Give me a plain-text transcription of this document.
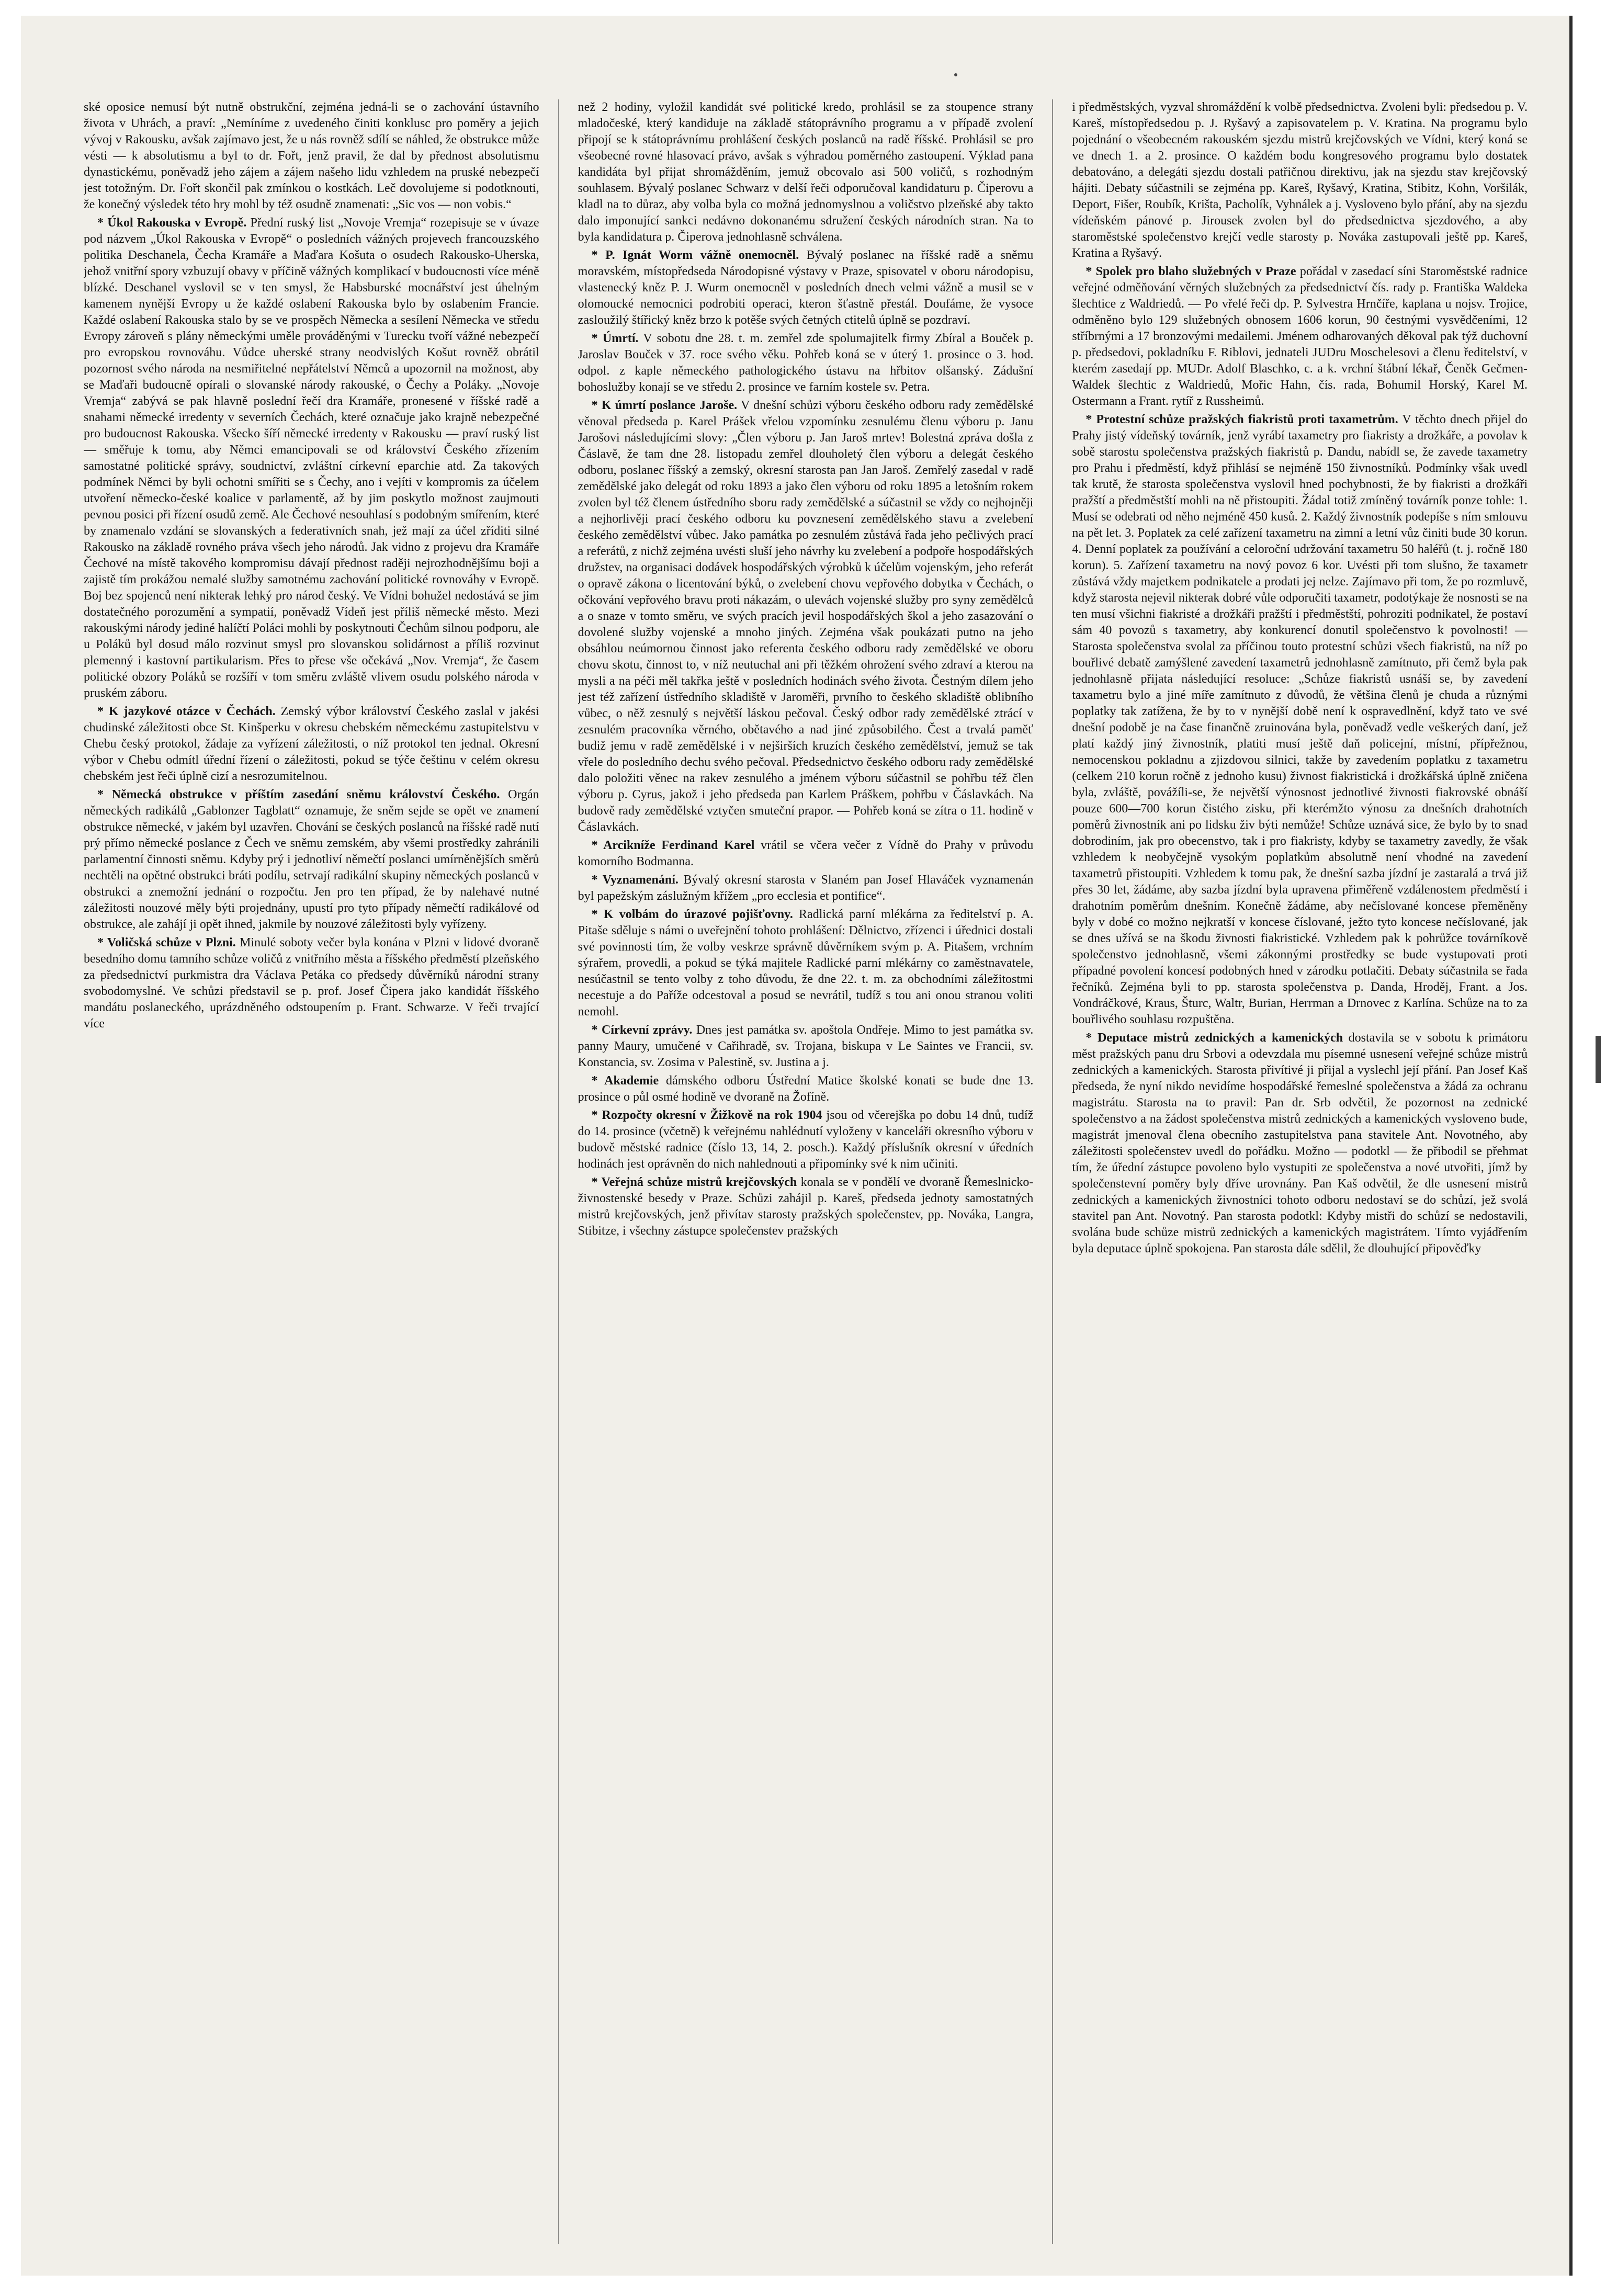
ské oposice nemusí být nutně obstrukční, zejména jedná-li se o zachování ústavního života v Uhrách, a praví: „Nemíníme z uvedeného činiti konklusc pro poměry a jejich vývoj v Rakousku, avšak zajímavo jest, že u nás rovněž sdílí se náhled, že obstrukce může vésti — k absolutismu a byl to dr. Fořt, jenž pravil, že dal by přednost absolutismu dynastickému, poněvadž jeho zájem a zájem našeho lidu vzhledem na pruské nebezpečí jest totožným. Dr. Fořt skončil pak zmínkou o kostkách. Leč dovolujeme si podotknouti, že konečný výsledek této hry mohl by též osudně znamenati: „Sic vos — non vobis.“

* Úkol Rakouska v Evropě. Přední ruský list „Novoje Vremja“ rozepisuje se v úvaze pod názvem „Úkol Rakouska v Evropě“ o posledních vážných projevech francouzského politika Deschanela, Čecha Kramáře a Maďara Košuta o osudech Rakousko-Uherska, jehož vnitřní spory vzbuzují obavy v příčině vážných komplikací v budoucnosti více méně blízké. Deschanel vyslovil se v ten smysl, že Habsburské mocnářství jest úhelným kamenem nynější Evropy u že každé oslabení Rakouska bylo by oslabením Francie. Každé oslabení Rakouska stalo by se ve prospěch Německa a sesílení Německa ve středu Evropy zároveň s plány německými uměle prováděnými v Turecku tvoří vážné nebezpečí pro evropskou rovnováhu. Vůdce uherské strany neodvislých Košut rovněž obrátil pozornost svého národa na nesmiřitelné nepřátelství Němců a upozornil na možnost, aby se Maďaři budoucně opírali o slovanské národy rakouské, o Čechy a Poláky. „Novoje Vremja“ zabývá se pak hlavně poslední řečí dra Kramáře, pronesené v říšské radě a snahami německé irredenty v severních Čechách, které označuje jako krajně nebezpečné pro budoucnost Rakouska. Všecko šíří německé irredenty v Rakousku — praví ruský list — směřuje k tomu, aby Němci emancipovali se od království Českého zřízením samostatné politické správy, soudnictví, zvláštní církevní eparchie atd. Za takových podmínek Němci by byli ochotni smířiti se s Čechy, ano i vejíti v kompromis za účelem utvoření německo-české koalice v parlamentě, až by jim poskytlo možnost zaujmouti pevnou posici při řízení osudů země. Ale Čechové nesouhlasí s podobným smířením, které by znamenalo vzdání se slovanských a federativních snah, jež mají za účel zříditi silné Rakousko na základě rovného práva všech jeho národů. Jak vidno z projevu dra Kramáře Čechové na místě takového kompromisu dávají přednost raději nejrozhodnějšímu boji a zajistě tím prokážou nemalé služby samotnému zachování politické rovnováhy v Evropě. Boj bez spojenců není nikterak lehký pro národ český. Ve Vídni bohužel nedostává se jim dostatečného porozumění a sympatií, poněvadž Vídeň jest příliš německé město. Mezi rakouskými národy jediné halíčtí Poláci mohli by poskytnouti Čechům silnou podporu, ale u Poláků byl dosud málo rozvinut smysl pro slovanskou solidárnost a příliš rozvinut plemenný i kastovní partikularism. Přes to přese vše očekává „Nov. Vremja“, že časem politické obzory Poláků se rozšíří v tom směru zvláště vlivem osudu polského národa v pruském záboru.

* K jazykové otázce v Čechách. Zemský výbor království Českého zaslal v jakési chudinské záležitosti obce St. Kinšperku v okresu chebském německému zastupitelstvu v Chebu český protokol, žádaje za vyřízení záležitosti, o níž protokol ten jednal. Okresní výbor v Chebu odmítl úřední řízení o záležitosti, pokud se týče češtinu v celém okresu chebském jest řeči úplně cizí a nesrozumitelnou.

* Německá obstrukce v příštím zasedání sněmu království Českého. Orgán německých radikálů „Gablonzer Tagblatt“ oznamuje, že sněm sejde se opět ve znamení obstrukce německé, v jakém byl uzavřen. Chování se českých poslanců na říšské radě nutí prý přímo německé poslance z Čech ve sněmu zemském, aby všemi prostředky zahránili parlamentní činnosti sněmu. Kdyby prý i jednotliví němečtí poslanci umírněnějších směrů nechtěli na opětné obstrukci bráti podílu, setrvají radikální skupiny německých poslanců v obstrukci a znemožní jednání o rozpočtu. Jen pro ten případ, že by nalehavé nutné záležitosti nouzové měly býti projednány, upustí pro tyto případy němečtí radikálové od obstrukce, ale zahájí ji opět ihned, jakmile by nouzové záležitosti byly vyřízeny.

* Voličská schůze v Plzni. Minulé soboty večer byla konána v Plzni v lidové dvoraně besedního domu tamního schůze voličů z vnitřního města a říšského předměstí plzeňského za předsednictví purkmistra dra Václava Petáka co předsedy důvěrníků národní strany svobodomyslné. Ve schůzi představil se p. prof. Josef Čipera jako kandidát říšského mandátu poslaneckého, uprázdněného odstoupením p. Frant. Schwarze. V řeči trvající více

než 2 hodiny, vyložil kandidát své politické kredo, prohlásil se za stoupence strany mladočeské, který kandiduje na základě státoprávního programu a v případě zvolení připojí se k státoprávnímu prohlášení českých poslanců na radě říšské. Prohlásil se pro všeobecné rovné hlasovací právo, avšak s výhradou poměrného zastoupení. Výklad pana kandidáta byl přijat shromážděním, jemuž obcovalo asi 500 voličů, s rozhodným souhlasem. Bývalý poslanec Schwarz v delší řeči odporučoval kandidaturu p. Čiperovu a kladl na to důraz, aby volba byla co možná jednomyslnou a voličstvo plzeňské aby takto dalo imponující sankci nedávno dokonanému sdružení českých národních stran. Na to byla kandidatura p. Čiperova jednohlasně schválena.

* P. Ignát Worm vážně onemocněl. Bývalý poslanec na říšské radě a sněmu moravském, místopředseda Národopisné výstavy v Praze, spisovatel v oboru národopisu, vlastenecký kněz P. J. Wurm onemocněl v posledních dnech velmi vážně a musil se v olomoucké nemocnici podrobiti operaci, kteron šťastně přestál. Doufáme, že vysoce zasloužilý štířický kněz brzo k potěše svých četných ctitelů úplně se pozdraví.

* Úmrtí. V sobotu dne 28. t. m. zemřel zde spolumajitelk firmy Zbíral a Bouček p. Jaroslav Bouček v 37. roce svého věku. Pohřeb koná se v úterý 1. prosince o 3. hod. odpol. z kaple německého pathologického ústavu na hřbitov olšanský. Zádušní bohoslužby konají se ve středu 2. prosince ve farním kostele sv. Petra.

* K úmrtí poslance Jaroše. V dnešní schůzi výboru českého odboru rady zemědělské věnoval předseda p. Karel Prášek vřelou vzpomínku zesnulému členu výboru p. Janu Jarošovi následujícími slovy: „Člen výboru p. Jan Jaroš mrtev! Bolestná zpráva došla z Čáslavě, že tam dne 28. listopadu zemřel dlouholetý člen výboru a delegát českého odboru, poslanec říšský a zemský, okresní starosta pan Jan Jaroš. Zemřelý zasedal v radě zemědělské jako delegát od roku 1893 a jako člen výboru od roku 1895 a letošním rokem zvolen byl též členem ústředního sboru rady zemědělské a súčastnil se vždy co nejhojněji a nejhorlivěji prací českého odboru ku povznesení zemědělského stavu a zvelebení českého zemědělství vůbec. Jako památka po zesnulém zůstává řada jeho pečlivých prací a referátů, z nichž zejména uvésti sluší jeho návrhy ku zvelebení a podpoře hospodářských družstev, na organisaci dodávek hospodářských výrobků k účelům vojenským, jeho referát o opravě zákona o licentování býků, o zvelebení chovu vepřového dobytka v Čechách, o očkování vepřového bravu proti nákazám, o ulevách vojenské služby pro syny zemědělců a o snaze v tomto směru, ve svých pracích jevil hospodářských škol a jeho zasazování o dovolené služby vojenské a mnoho jiných. Zejména však poukázati putno na jeho obsáhlou neúmornou činnost jako referenta českého odboru rady zemědělské ve oboru chovu skotu, činnost to, v níž neutuchal ani při těžkém ohrožení svého zdraví a kterou na mysli a na péči měl takřka ještě v posledních hodinách svého života. Čestným dílem jeho jest též zařízení ústředního skladiště v Jaroměři, prvního to českého skladiště oblibního vůbec, o něž zesnulý s největší láskou pečoval. Český odbor rady zemědělské ztrácí v zesnulém pracovníka věrného, obětavého a nad jiné způsobilého. Čest a trvalá paměť budiž jemu v radě zemědělské i v nejširších kruzích českého zemědělství, jemuž se tak vřele do posledního dechu svého pečoval. Předsednictvo českého odboru rady zemědělské dalo položiti věnec na rakev zesnulého a jménem výboru súčastnil se pohřbu též člen výboru p. Cyrus, jakož i jeho předseda pan Karlem Práškem, pohřbu v Čáslavkách. Na budově rady zemědělské vztyčen smuteční prapor. — Pohřeb koná se zítra o 11. hodině v Čáslavkách.

* Arcikníže Ferdinand Karel vrátil se včera večer z Vídně do Prahy v průvodu komorního Bodmanna.

* Vyznamenání. Bývalý okresní starosta v Slaném pan Josef Hlaváček vyznamenán byl papežským záslužným křížem „pro ecclesia et pontifice“.

* K volbám do úrazové pojišťovny. Radlická parní mlékárna za ředitelství p. A. Pitaše sděluje s námi o uveřejnění tohoto prohlášení: Dělnictvo, zřízenci i úřednici dostali své povinnosti tím, že volby veskrze správně důvěrníkem svým p. A. Pitašem, vrchním sýrařem, provedli, a pokud se týká majitele Radlické parní mlékárny co zaměstnavatele, nesúčastnil se tento volby z toho důvodu, že dne 22. t. m. za obchodními záležitostmi necestuje a do Paříže odcestoval a posud se nevrátil, tudíž s tou ani onou stranou voliti nemohl.

* Církevní zprávy. Dnes jest památka sv. apoštola Ondřeje. Mimo to jest památka sv. panny Maury, umučené v Cařihradě, sv. Trojana, biskupa v Le Saintes ve Francii, sv. Konstancia, sv. Zosima v Palestině, sv. Justina a j.

* Akademie dámského odboru Ústřední Matice školské konati se bude dne 13. prosince o půl osmé hodině ve dvoraně na Žofíně.

* Rozpočty okresní v Žižkově na rok 1904 jsou od včerejška po dobu 14 dnů, tudíž do 14. prosince (včetně) k veřejnému nahlédnutí vyloženy v kanceláři okresního výboru v budově městské radnice (číslo 13, 14, 2. posch.). Každý příslušník okresní v úředních hodinách jest oprávněn do nich nahlednouti a připomínky své k nim učiniti.

* Veřejná schůze mistrů krejčovských konala se v pondělí ve dvoraně Řemeslnicko-živnostenské besedy v Praze. Schůzi zahájil p. Kareš, předseda jednoty samostatných mistrů krejčovských, jenž přivítav starosty pražských společenstev, pp. Nováka, Langra, Stibitze, i všechny zástupce společenstev pražských

i předměstských, vyzval shromáždění k volbě předsednictva. Zvoleni byli: předsedou p. V. Kareš, místopředsedou p. J. Ryšavý a zapisovatelem p. V. Kratina. Na programu bylo pojednání o všeobecném rakouském sjezdu mistrů krejčovských ve Vídni, který koná se ve dnech 1. a 2. prosince. O každém bodu kongresového programu bylo dostatek debatováno, a delegáti sjezdu dostali patřičnou direktivu, jak na sjezdu stav krejčovský hájiti. Debaty súčastnili se zejména pp. Kareš, Ryšavý, Kratina, Stibitz, Kohn, Voršilák, Deport, Fišer, Roubík, Krišta, Pacholík, Vyhnálek a j. Vysloveno bylo přání, aby na sjezdu vídeňském pánové p. Jirousek zvolen byl do předsednictva sjezdového, a aby staroměstské společenstvo krejčí vedle starosty p. Nováka zastupovali ještě pp. Kareš, Kratina a Ryšavý.

* Spolek pro blaho služebných v Praze pořádal v zasedací síni Staroměstské radnice veřejné odměňování věrných služebných za předsednictví čís. rady p. Františka Waldeka šlechtice z Waldriedů. — Po vřelé řeči dp. P. Sylvestra Hrnčíře, kaplana u nojsv. Trojice, odměněno bylo 129 služebných obnosem 1606 korun, 90 čestnými vysvědčeními, 12 stříbrnými a 17 bronzovými medailemi. Jménem odharovaných děkoval pak týž duchovní p. předsedovi, pokladníku F. Riblovi, jednateli JUDru Moschelesovi a členu ředitelství, v kterém zasedají pp. MUDr. Adolf Blaschko, c. a k. vrchní štábní lékař, Čeněk Gečmen-Waldek šlechtic z Waldriedů, Mořic Hahn, čís. rada, Bohumil Horský, Karel M. Ostermann a Frant. rytíř z Russheimů.

* Protestní schůze pražských fiakristů proti taxametrům. V těchto dnech přijel do Prahy jistý vídeňský továrník, jenž vyrábí taxametry pro fiakristy a drožkáře, a povolav k sobě starostu společenstva pražských fiakristů p. Dandu, nabídl se, že zavede taxametry pro Prahu i předměstí, když přihlásí se nejméně 150 živnostníků. Podmínky však uvedl tak krutě, že starosta společenstva vyslovil hned pochybnosti, že by fiakristi a drožkáři pražští a předměstští mohli na ně přistoupiti. Žádal totiž zmíněný továrník ponze tohle: 1. Musí se odebrati od něho nejméně 450 kusů. 2. Každý živnostník podepíše s ním smlouvu na pět let. 3. Poplatek za celé zařízení taxametru na zimní a letní vůz činiti bude 30 korun. 4. Denní poplatek za používání a celoroční udržování taxametru 50 haléřů (t. j. ročně 180 korun). 5. Zařízení taxametru na nový povoz 6 kor. Uvésti při tom slušno, že taxametr zůstává vždy majetkem podnikatele a prodati jej nelze. Zajímavo při tom, že po rozmluvě, když starosta nejevil nikterak dobré vůle odporučiti taxametr, podotýkaje že nosnosti se na ten musí všichni fiakristé a drožkáři pražští i předměstští, pohroziti podnikatel, že postaví sám 40 povozů s taxametry, aby konkurencí donutil společenstvo k povolnosti! — Starosta společenstva svolal za příčinou touto protestní schůzi všech fiakristů, na níž po bouřlivé debatě zamýšlené zavedení taxametrů jednohlasně zamítnuto, při čemž byla pak jednohlasně přijata následující resoluce: „Schůze fiakristů usnáší se, by zavedení taxametru bylo a jiné míře zamítnuto z důvodů, že většina členů je chuda a různými poplatky tak zatížena, že by to v nynější době není k ospravedlnění, když tato ve své dnešní podobě je na čase finančně zruinována byla, poněvadž vedle veškerých daní, jež platí každý jiný živnostník, platiti musí ještě daň policejní, místní, přípřežnou, nemocenskou pokladnu a zjizdovou silnici, takže by zavedením poplatku z taxametru (celkem 210 korun ročně z jednoho kusu) živnost fiakristická i drožkářská úplně zničena byla, zvláště, povážíli-se, že největší výnosnost jednotlivé živnosti fiakrovské obnáší pouze 600—700 korun čistého zisku, při kterémžto výnosu za dnešních drahotních poměrů živnostník ani po lidsku živ býti nemůže! Schůze uznává sice, že bylo by to snad dobrodiním, jak pro obecenstvo, tak i pro fiakristy, kdyby se taxametry zavedly, že však vzhledem k neobyčejně vysokým poplatkům absolutně není vhodné na zavedení taxametrů přistoupiti. Vzhledem k tomu pak, že dnešní sazba jízdní je zastaralá a trvá již přes 30 let, žádáme, aby sazba jízdní byla upravena přiměřeně vzdálenostem předměstí i drahotním poměrům dnešním. Konečně žádáme, aby nečíslované koncese přeměněny byly v dobé co možno nejkratší v koncese číslované, ježto tyto koncese nečíslované, jak se dnes užívá se na škodu živnosti fiakristické. Vzhledem pak k pohrůžce továrníkově společenstvo jednohlasně, všemi zákonnými prostředky se bude vystupovati proti případné povolení koncesí podobných hned v zárodku potlačiti. Debaty súčastnila se řada řečníků. Zejména byli to pp. starosta společenstva p. Danda, Hroděj, Frant. a Jos. Vondráčkové, Kraus, Šturc, Waltr, Burian, Herrman a Drnovec z Karlína. Schůze na to za bouřlivého souhlasu rozpuštěna.

* Deputace mistrů zednických a kamenických dostavila se v sobotu k primátoru měst pražských panu dru Srbovi a odevzdala mu písemné usnesení veřejné schůze mistrů zednických a kamenických. Starosta přivítivé ji přijal a vyslechl její přání. Pan Josef Kaš předseda, že nyní nikdo nevidíme hospodářské řemeslné společenstva a žádá za ochranu magistrátu. Starosta na to pravil: Pan dr. Srb odvětil, že pozornost na zednické společenstvo a na žádost společenstva mistrů zednických a kamenických vysloveno bude, magistrát jmenoval člena obecního zastupitelstva pana stavitele Ant. Novotného, aby záležitosti společenstev uvedl do pořádku. Možno — podotkl — že přibodil se přehmat tím, že úřední zástupce povoleno bylo vystupiti ze společenstva a nové utvořiti, jímž by společenstevní poměry byly dříve urovnány. Pan Kaš odvětil, že dle usnesení mistrů zednických a kamenických živnostníci tohoto odboru nedostaví se do schůzí, jež svolá stavitel pan Ant. Novotný. Pan starosta podotkl: Kdyby mistři do schůzí se nedostavili, svolána bude schůze mistrů zednických a kamenických magistrátem. Tímto vyjádřením byla deputace úplně spokojena. Pan starosta dále sdělil, že dlouhující připověďky
